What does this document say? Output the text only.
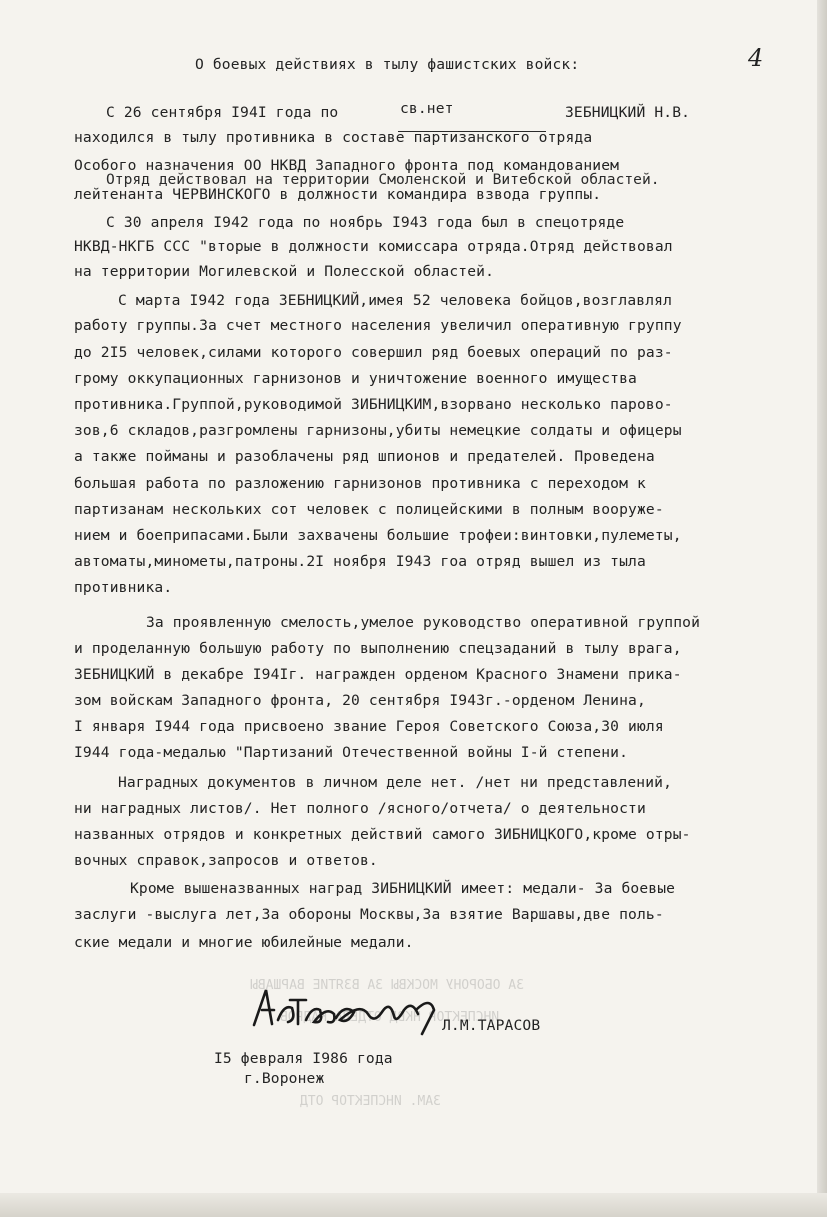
ЗА ОБОРОНУ МОСКВЫ ЗА ВЗЯТИЕ ВАРШАВЫ
ИНСПЕКТОР НКВД ОТДЕЛА КАДРОВ
ЗАМ. ИНСПЕКТОР ОТД
4
О боевых действиях в тылу фашистских войск:
С 26 сентября I94I года по	св.нет	ЗЕБНИЦКИЙ Н.В.
находился в тылу противника в составе партизанского отряда
Особого назначения ОО НКВД Западного фронта под командованием
Отряд действовал на территории Смоленской и Витебской областей.
лейтенанта ЧЕРВИНСКОГО в должности командира взвода группы.
С 30 апреля I942 года по ноябрь I943 года был в спецотряде
НКВД-НКГБ ССС "вторые в должности комиссара отряда.Отряд действовал
на территории Могилевской и Полесской областей.
С марта I942 года ЗЕБНИЦКИЙ,имея 52 человека бойцов,возглавлял
работу группы.За счет местного населения увеличил оперативную группу
до 2I5 человек,силами которого совершил ряд боевых операций по раз-
грому оккупационных гарнизонов и уничтожение военного имущества
противника.Группой,руководимой ЗИБНИЦКИМ,взорвано несколько паровo-
зов,6 складов,разгромлены гарнизоны,убиты немецкие солдаты и офицеры
а также пойманы и разоблачены ряд шпионов и предателей. Проведена
большая работа по разложению гарнизонов противника с переходом к
партизанам нескольких сот человек с полицейскими в полным вооруже-
нием и боеприпасами.Были захвачены большие трофеи:винтовки,пулеметы,
автоматы,минометы,патроны.2I ноября I943 гоа отряд вышел из тыла
противника.
За проявленную смелость,умелое руководство оперативной группой
и проделанную большую работу по выполнению спецзаданий в тылу врага,
ЗЕБНИЦКИЙ в декабре I94Iг. награжден орденом Красного Знамени прика-
зом войскам Западного фронта, 20 сентября I943г.-орденом Ленина,
I января I944 года присвоено звание Героя Советского Союза,30 июля
I944 года-медалью "Партизаний Отечественной войны I-й степени.
Наградных документов в личном деле нет. /нет ни представлений,
ни наградных листов/. Нет полного /ясного/отчета/ о деятельности
названных отрядов и конкретных действий самого ЗИБНИЦКОГО,кроме отры-
вочных справок,запросов и ответов.
Кроме вышеназванных наград ЗИБНИЦКИЙ имеет: медали- За боевые
заслуги -выслуга лет,За обороны Москвы,За взятие Варшавы,две поль-
ские медали и многие юбилейные медали.
Л.М.ТАРАСОВ
I5 февраля I986 года
г.Воронеж
